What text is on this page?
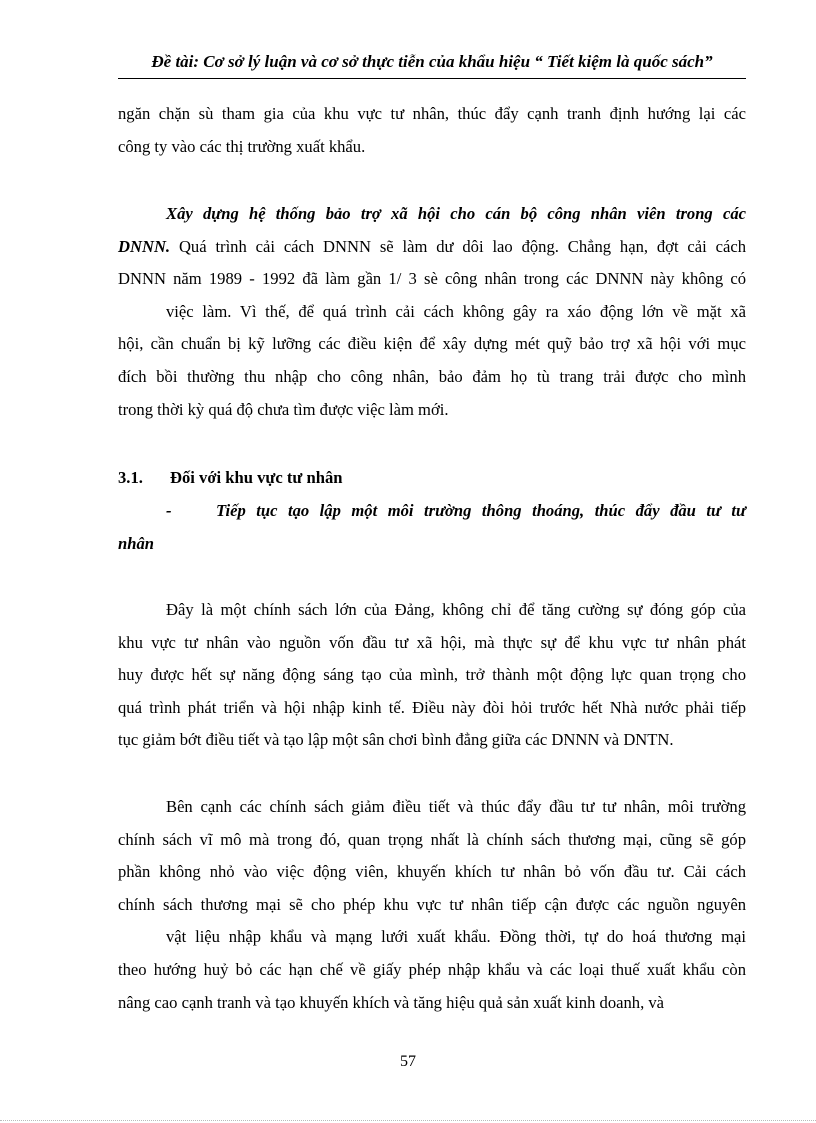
Đề tài: Cơ sở lý luận và cơ sở thực tiễn của khẩu hiệu “ Tiết kiệm là quốc sách”
ngăn chặn sù tham gia của khu vực tư nhân, thúc đẩy cạnh tranh định hướng lại các
công ty vào các thị trường xuất khẩu.
Xây dựng hệ thống bảo trợ xã hội cho cán bộ công nhân viên trong các
DNNN. Quá trình cải cách DNNN sẽ làm dư dôi lao động. Chẳng hạn, đợt cải cách
DNNN năm 1989 - 1992 đã làm gần 1/ 3 sè công nhân trong các DNNN này không có
việc làm. Vì thế, để quá trình cải cách không gây ra xáo động lớn về mặt xã
hội, cần chuẩn bị kỹ lưỡng các điều kiện để xây dựng mét quỹ bảo trợ xã hội với mục
đích bồi thường thu nhập cho công nhân, bảo đảm họ tù trang trải được cho mình
trong thời kỳ quá độ chưa tìm được việc làm mới.
3.1. Đối với khu vực tư nhân
-	Tiếp tục tạo lập một môi trường thông thoáng, thúc đẩy đầu tư tư
nhân
Đây là một chính sách lớn của Đảng, không chỉ để tăng cường sự đóng góp của
khu vực tư nhân vào nguồn vốn đầu tư xã hội, mà thực sự để khu vực tư nhân phát
huy được hết sự năng động sáng tạo của mình, trở thành một động lực quan trọng cho
quá trình phát triển và hội nhập kinh tế. Điều này đòi hỏi trước hết Nhà nước phải tiếp
tục giảm bớt điều tiết và tạo lập một sân chơi bình đẳng giữa các DNNN và DNTN.
Bên cạnh các chính sách giảm điều tiết và thúc đẩy đầu tư tư nhân, môi trường
chính sách vĩ mô mà trong đó, quan trọng nhất là chính sách thương mại, cũng sẽ góp
phần không nhỏ vào việc động viên, khuyến khích tư nhân bỏ vốn đầu tư. Cải cách
chính sách thương mại sẽ cho phép khu vực tư nhân tiếp cận được các nguồn nguyên
vật liệu nhập khẩu và mạng lưới xuất khẩu. Đồng thời, tự do hoá thương mại
theo hướng huỷ bỏ các hạn chế về giấy phép nhập khẩu và các loại thuế xuất khẩu còn
nâng cao cạnh tranh và tạo khuyến khích và tăng hiệu quả sản xuất kinh doanh, và
57
